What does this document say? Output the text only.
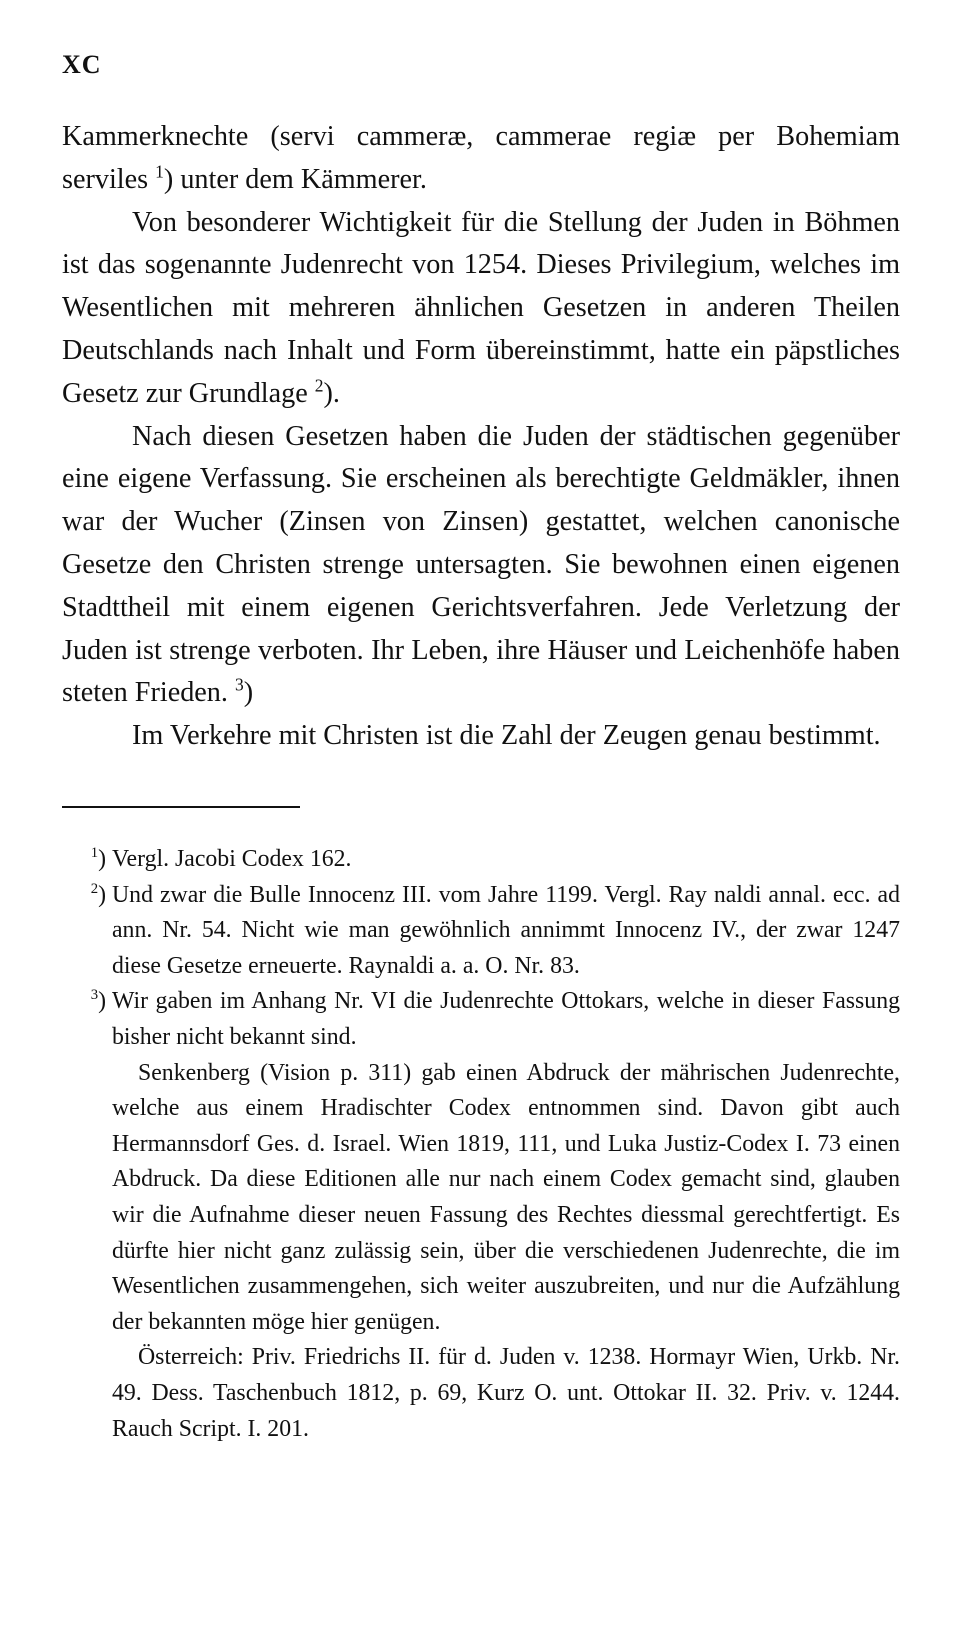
XC

Kammerknechte (servi cammeræ, cammerae regiæ per Bohemiam serviles $^1$) unter dem Kämmerer.

Von besonderer Wichtigkeit für die Stellung der Juden in Böhmen ist das sogenannte Judenrecht von 1254. Dieses Privilegium, welches im Wesentlichen mit mehreren ähnlichen Gesetzen in anderen Theilen Deutschlands nach Inhalt und Form übereinstimmt, hatte ein päpstliches Gesetz zur Grundlage $^2$).

Nach diesen Gesetzen haben die Juden der städtischen gegenüber eine eigene Verfassung. Sie erscheinen als berechtigte Geldmäkler, ihnen war der Wucher (Zinsen von Zinsen) gestattet, welchen canonische Gesetze den Christen strenge untersagten. Sie bewohnen einen eigenen Stadttheil mit einem eigenen Gerichtsverfahren. Jede Verletzung der Juden ist strenge verboten. Ihr Leben, ihre Häuser und Leichenhöfe haben steten Frieden. $^3$)

Im Verkehre mit Christen ist die Zahl der Zeugen genau bestimmt.

$^1$) Vergl. Jacobi Codex 162.

$^2$) Und zwar die Bulle Innocenz III. vom Jahre 1199. Vergl. Ray naldi annal. ecc. ad ann. Nr. 54. Nicht wie man gewöhnlich annimmt Innocenz IV., der zwar 1247 diese Gesetze erneuerte. Raynaldi a. a. O. Nr. 83.

$^3$) Wir gaben im Anhang Nr. VI die Judenrechte Ottokars, welche in dieser Fassung bisher nicht bekannt sind.

Senkenberg (Vision p. 311) gab einen Abdruck der mährischen Judenrechte, welche aus einem Hradischter Codex entnommen sind. Davon gibt auch Hermannsdorf Ges. d. Israel. Wien 1819, 111, und Luka Justiz-Codex I. 73 einen Abdruck. Da diese Editionen alle nur nach einem Codex gemacht sind, glauben wir die Aufnahme dieser neuen Fassung des Rechtes diessmal gerechtfertigt. Es dürfte hier nicht ganz zulässig sein, über die verschiedenen Judenrechte, die im Wesentlichen zusammengehen, sich weiter auszubreiten, und nur die Aufzählung der bekannten möge hier genügen.

Österreich: Priv. Friedrichs II. für d. Juden v. 1238. Hormayr Wien, Urkb. Nr. 49. Dess. Taschenbuch 1812, p. 69, Kurz O. unt. Ottokar II. 32. Priv. v. 1244. Rauch Script. I. 201.
